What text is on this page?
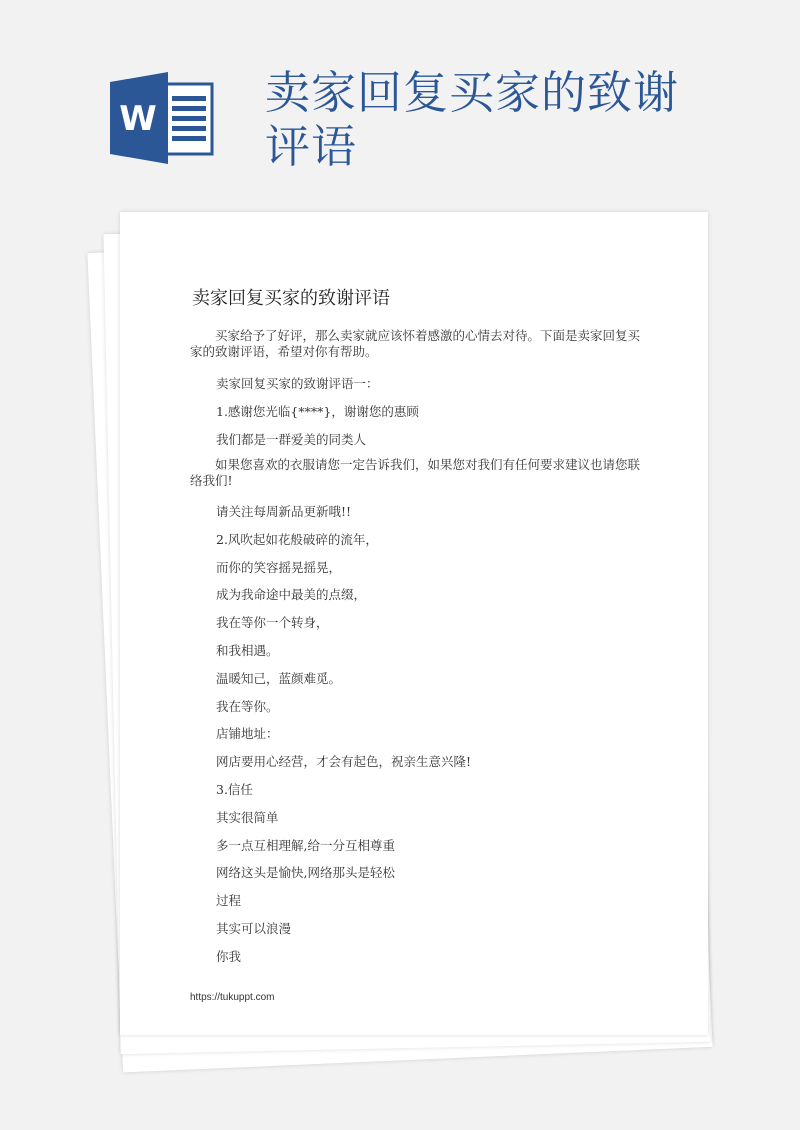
W 卖家回复买家的致谢评语
卖家回复买家的致谢评语
买家给予了好评，那么卖家就应该怀着感激的心情去对待。下面是卖家回复买家的致谢评语，希望对你有帮助。
卖家回复买家的致谢评语一：
1.感谢您光临{****}，谢谢您的惠顾
我们都是一群爱美的同类人
如果您喜欢的衣服请您一定告诉我们，如果您对我们有任何要求建议也请您联络我们!
请关注每周新品更新哦!!
2.风吹起如花般破碎的流年，
而你的笑容摇晃摇晃，
成为我命途中最美的点缀，
我在等你一个转身，
和我相遇。
温暖知己，蓝颜难觅。
我在等你。
店铺地址：
网店要用心经营，才会有起色，祝亲生意兴隆!
3.信任
其实很简单
多一点互相理解,给一分互相尊重
网络这头是愉快,网络那头是轻松
过程
其实可以浪漫
你我
https://tukuppt.com
